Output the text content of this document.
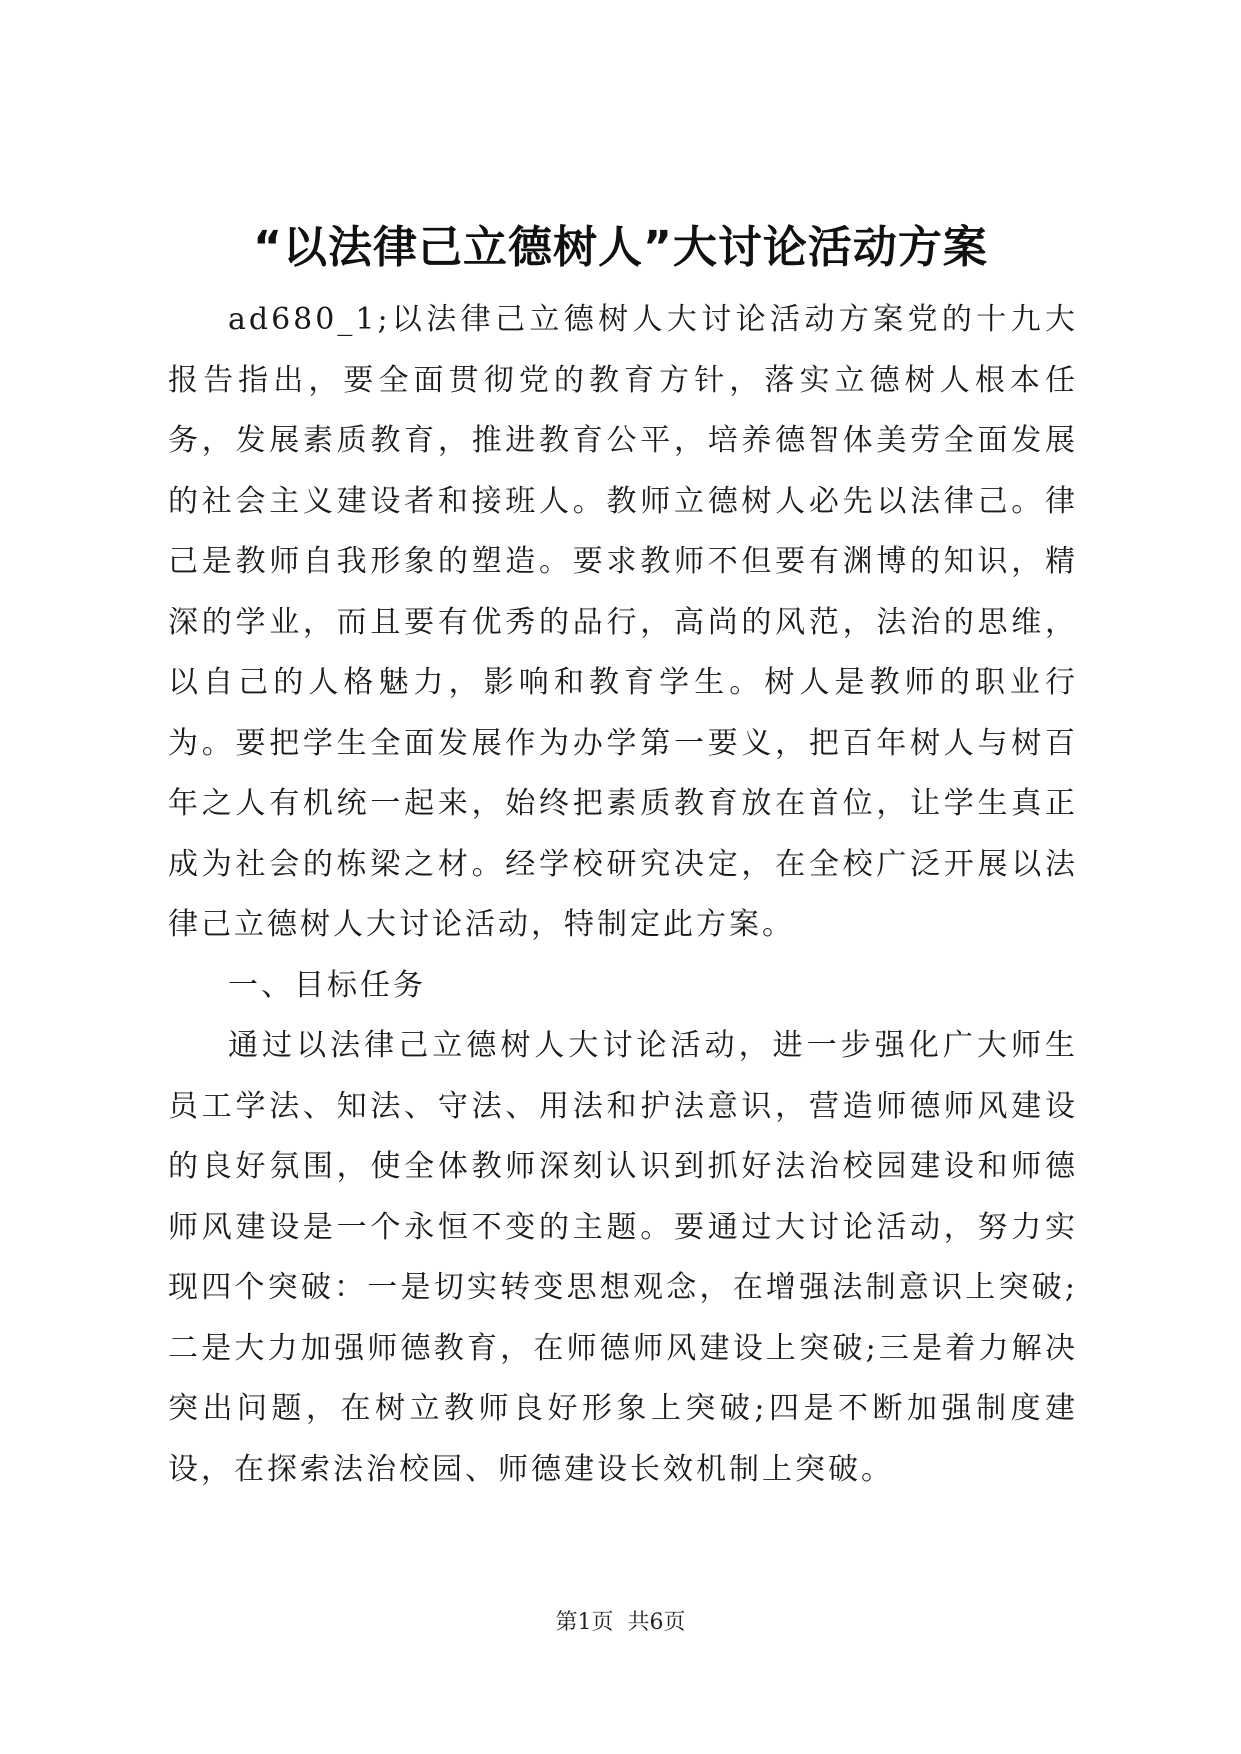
“以法律己立德树人”大讨论活动方案

ad680_1;以法律己立德树人大讨论活动方案党的十九大报告指出，要全面贯彻党的教育方针，落实立德树人根本任务，发展素质教育，推进教育公平，培养德智体美劳全面发展的社会主义建设者和接班人。教师立德树人必先以法律己。律己是教师自我形象的塑造。要求教师不但要有渊博的知识，精深的学业，而且要有优秀的品行，高尚的风范，法治的思维，以自己的人格魅力，影响和教育学生。树人是教师的职业行为。要把学生全面发展作为办学第一要义，把百年树人与树百年之人有机统一起来，始终把素质教育放在首位，让学生真正成为社会的栋梁之材。经学校研究决定，在全校广泛开展以法律己立德树人大讨论活动，特制定此方案。

一、目标任务

通过以法律己立德树人大讨论活动，进一步强化广大师生员工学法、知法、守法、用法和护法意识，营造师德师风建设的良好氛围，使全体教师深刻认识到抓好法治校园建设和师德师风建设是一个永恒不变的主题。要通过大讨论活动，努力实现四个突破：一是切实转变思想观念，在增强法制意识上突破;二是大力加强师德教育，在师德师风建设上突破;三是着力解决突出问题，在树立教师良好形象上突破;四是不断加强制度建设，在探索法治校园、师德建设长效机制上突破。

第1页 共6页
